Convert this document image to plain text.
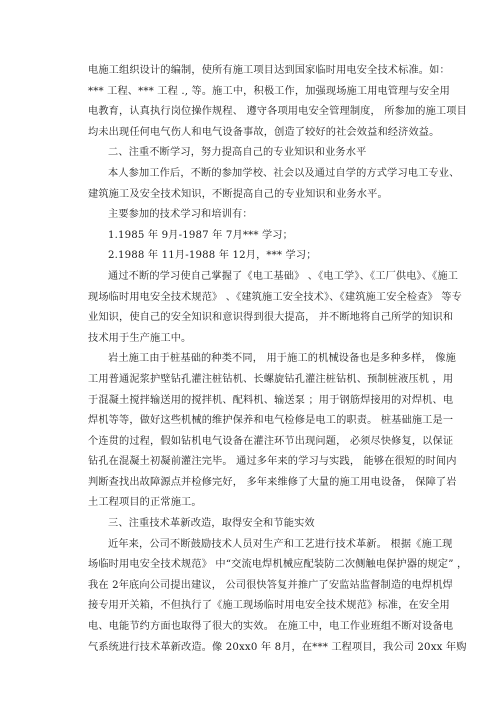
电施工组织设计的编制，使所有施工项目达到国家临时用电安全技术标准。如：
*** 工程、*** 工程 ., 等。施工中，积极工作，加强现场施工用电管理与安全用
电教育，认真执行岗位操作规程、 遵守各项用电安全管理制度， 所参加的施工项目
均未出现任何电气伤人和电气设备事故，创造了较好的社会效益和经济效益。
二、注重不断学习，努力提高自己的专业知识和业务水平
本人参加工作后，不断的参加学校、社会以及通过自学的方式学习电工专业、
建筑施工及安全技术知识，不断提高自己的专业知识和业务水平。
主要参加的技术学习和培训有：
1.1985 年 9月-1987 年 7月*** 学习；
2.1988 年 11月-1988 年 12月，*** 学习；
通过不断的学习使自己掌握了《电工基础》 、《电工学》、《工厂供电》、《施工
现场临时用电安全技术规范》 、《建筑施工安全技术》、《建筑施工安全检查》 等专
业知识，使自己的安全知识和意识得到很大提高， 并不断地将自己所学的知识和
技术用于生产施工中。
岩土施工由于桩基础的种类不同， 用于施工的机械设备也是多种多样， 像施
工用普通泥浆护壁钻孔灌注桩钻机、长螺旋钻孔灌注桩钻机、预制桩液压机 ，用
于混凝土搅拌输送用的搅拌机、配料机、输送泵 ；用于钢筋焊接用的对焊机、电
焊机等等，做好这些机械的维护保养和电气检修是电工的职责。 桩基础施工是一
个连贯的过程，假如钻机电气设备在灌注环节出现问题， 必须尽快修复，以保证
钻孔在混凝土初凝前灌注完毕。 通过多年来的学习与实践， 能够在很短的时间内
判断查找出故障源点并检修完好， 多年来维修了大量的施工用电设备， 保障了岩
土工程项目的正常施工。
三、注重技术革新改造，取得安全和节能实效
近年来，公司不断鼓励技术人员对生产和工艺进行技术革新。 根据《施工现
场临时用电安全技术规范》 中“交流电焊机械应配装防二次侧触电保护器的规定” ，
我在 2年底向公司提出建议， 公司很快答复并推广了安监站监督制造的电焊机焊
接专用开关箱，不但执行了《施工现场临时用电安全技术规范》标准，在安全用
电、电能节约方面也取得了很大的实效。 在施工中，电工作业班组不断对设备电
气系统进行技术革新改造。像 20xx0 年 8月，在*** 工程项目，我公司 20xx 年购
